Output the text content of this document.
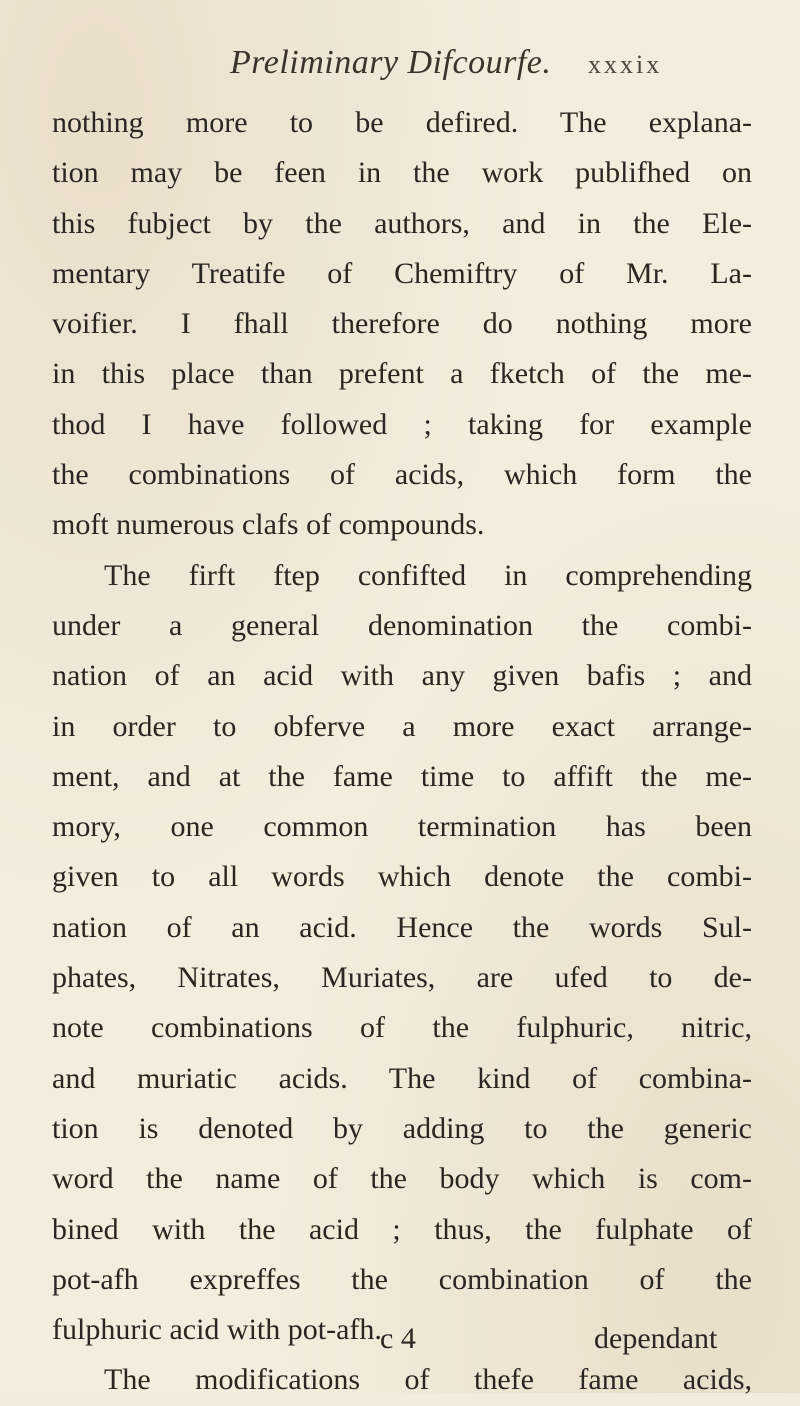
Preliminary Difcourfe. xxxix
nothing more to be defired. The explana-
tion may be feen in the work publifhed on
this fubject by the authors, and in the Ele-
mentary Treatife of Chemiftry of Mr. La-
voifier. I fhall therefore do nothing more
in this place than prefent a fketch of the me-
thod I have followed ; taking for example
the combinations of acids, which form the
moft numerous clafs of compounds.
The firft ftep confifted in comprehending
under a general denomination the combi-
nation of an acid with any given bafis ; and
in order to obferve a more exact arrange-
ment, and at the fame time to affift the me-
mory, one common termination has been
given to all words which denote the combi-
nation of an acid. Hence the words Sul-
phates, Nitrates, Muriates, are ufed to de-
note combinations of the fulphuric, nitric,
and muriatic acids. The kind of combina-
tion is denoted by adding to the generic
word the name of the body which is com-
bined with the acid ; thus, the fulphate of
pot-afh expreffes the combination of the
fulphuric acid with pot-afh.
The modifications of thefe fame acids,
c 4	dependant
